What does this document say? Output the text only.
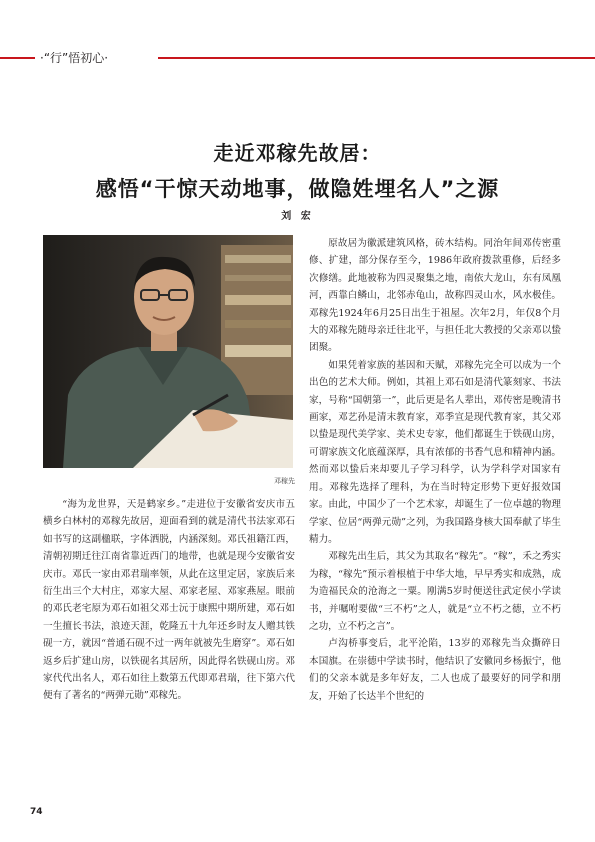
·“行”悟初心·
走近邓稼先故居：
感悟“干惊天动地事，做隐姓埋名人”之源
刘 宏
邓稼先

“海为龙世界，天是鹤家乡。”走进位于安徽省安庆市五横乡白林村的邓稼先故居，迎面看到的就是清代书法家邓石如书写的这副楹联，字体洒脱，内涵深刻。邓氏祖籍江西，清朝初期迁往江南省靠近西门的地带，也就是现今安徽省安庆市。邓氏一家由邓君瑞率领，从此在这里定居，家族后来衍生出三个大村庄，邓家大屋、邓家老屋、邓家燕屋。眼前的邓氏老宅原为邓石如祖父邓士沅于康熙中期所建，邓石如一生擅长书法，浪迹天涯，乾隆五十九年还乡时友人赠其铁砚一方，就因“普通石砚不过一两年就被先生磨穿”。邓石如返乡后扩建山房，以铁砚名其居所，因此得名铁砚山房。邓家代代出名人，邓石如往上数第五代即邓君瑞，往下第六代便有了著名的“两弹元勋”邓稼先。

原故居为徽派建筑风格，砖木结构。同治年间邓传密重修、扩建，部分保存至今，1986年政府拨款重修，后经多次修缮。此地被称为四灵聚集之地，南依大龙山，东有凤凰河，西靠白鳞山，北邻赤龟山，故称四灵山水，风水极佳。邓稼先1924年6月25日出生于祖屋。次年2月，年仅8个月大的邓稼先随母亲迁往北平，与担任北大教授的父亲邓以蛰团聚。

如果凭着家族的基因和天赋，邓稼先完全可以成为一个出色的艺术大师。例如，其祖上邓石如是清代篆刻家、书法家，号称“国朝第一”，此后更是名人辈出，邓传密是晚清书画家，邓艺孙是清末教育家，邓季宣是现代教育家，其父邓以蛰是现代美学家、美术史专家，他们都诞生于铁砚山房，可谓家族文化底蕴深厚，具有浓郁的书香气息和精神内涵。然而邓以蛰后来却要儿子学习科学，认为学科学对国家有用。邓稼先选择了理科，为在当时特定形势下更好报效国家。由此，中国少了一个艺术家，却诞生了一位卓越的物理学家、位居“两弹元勋”之列，为我国路身核大国奉献了毕生精力。

邓稼先出生后，其父为其取名“稼先”。“稼”，禾之秀实为稼，“稼先”预示着根植于中华大地，早早秀实和成熟，成为造福民众的沧海之一粟。刚满5岁时便送往武定侯小学读书，并嘱咐要做“三不朽”之人，就是“立不朽之德，立不朽之功，立不朽之言”。

卢沟桥事变后，北平沦陷，13岁的邓稼先当众撕碎日本国旗。在崇德中学读书时，他结识了安徽同乡杨振宁，他们的父亲本就是多年好友，二人也成了最要好的同学和朋友，开始了长达半个世纪的

74
